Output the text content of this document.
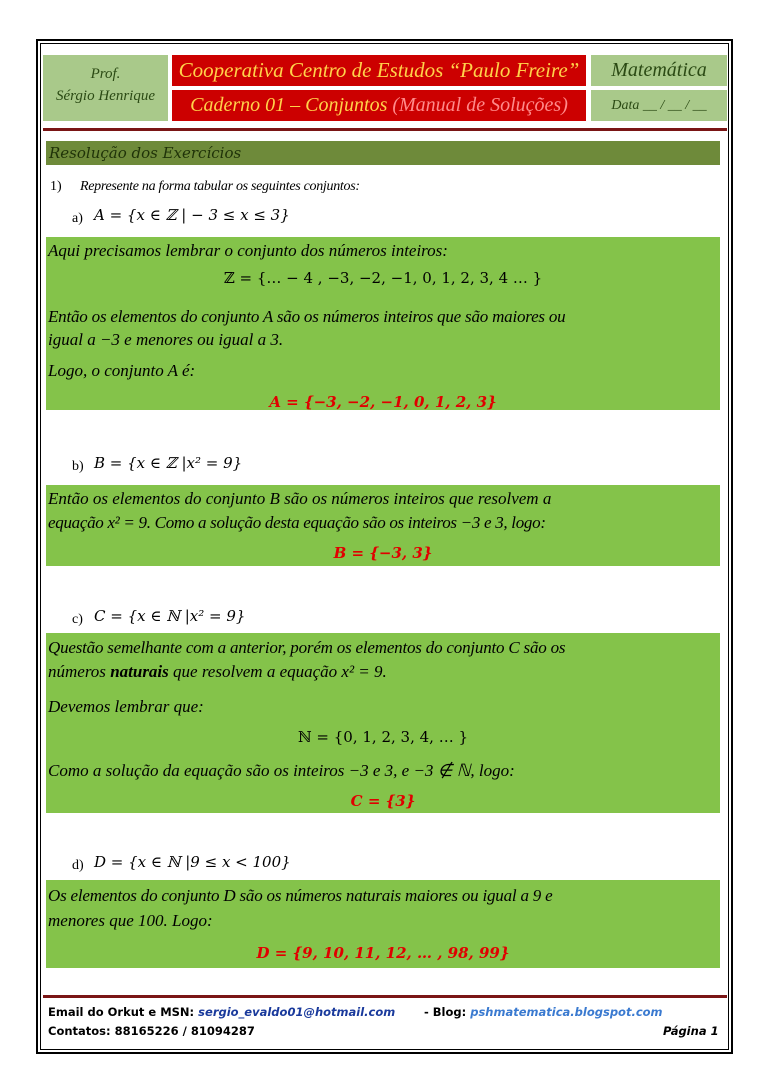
Prof.
Sérgio Henrique
Cooperativa Centro de Estudos “Paulo Freire”
Caderno 01 – Conjuntos (Manual de Soluções)
Matemática
Data __ / __ / __
Resolução dos Exercícios
1) Represente na forma tabular os seguintes conjuntos:
a) A = {x ∈ ℤ | − 3 ≤ x ≤ 3}
Aqui precisamos lembrar o conjunto dos números inteiros:
ℤ = {… − 4 , −3, −2, −1, 0, 1, 2, 3, 4 … }
Então os elementos do conjunto A são os números inteiros que são maiores ou
igual a −3 e menores ou igual a 3.
Logo, o conjunto A é:
A = {−3, −2, −1, 0, 1, 2, 3}
b) B = {x ∈ ℤ |x² = 9}
Então os elementos do conjunto B são os números inteiros que resolvem a
equação x² = 9. Como a solução desta equação são os inteiros −3 e 3, logo:
B = {−3, 3}
c) C = {x ∈ ℕ |x² = 9}
Questão semelhante com a anterior, porém os elementos do conjunto C são os
números naturais que resolvem a equação x² = 9.
Devemos lembrar que:
ℕ = {0, 1, 2, 3, 4, … }
Como a solução da equação são os inteiros −3 e 3, e −3 ∉ ℕ, logo:
C = {3}
d) D = {x ∈ ℕ |9 ≤ x < 100}
Os elementos do conjunto D são os números naturais maiores ou igual a 9 e
menores que 100. Logo:
D = {9, 10, 11, 12, … , 98, 99}
Email do Orkut e MSN: sergio_evaldo01@hotmail.com	- Blog: pshmatematica.blogspot.com
Contatos: 88165226 / 81094287	Página 1
